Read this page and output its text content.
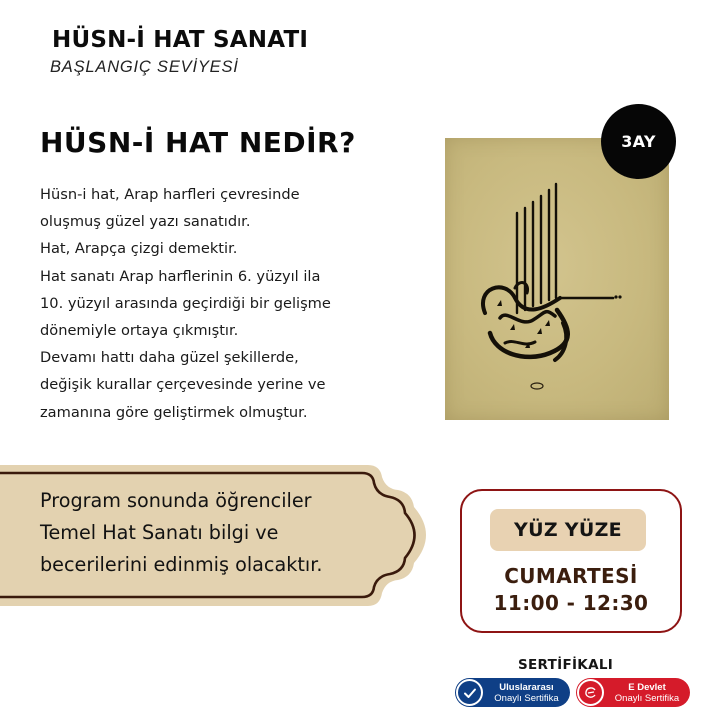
HÜSN-İ HAT SANATI
BAŞLANGIÇ SEVİYESİ
HÜSN-İ HAT NEDİR?
Hüsn-i hat, Arap harfleri çevresinde
oluşmuş güzel yazı sanatıdır.
Hat, Arapça çizgi demektir.
Hat sanatı Arap harflerinin 6. yüzyıl ila
10. yüzyıl arasında geçirdiği bir gelişme
dönemiyle ortaya çıkmıştır.
Devamı hattı daha güzel şekillerde,
değişik kurallar çerçevesinde yerine ve
zamanına göre geliştirmek olmuştur.
3AY
Program sonunda öğrenciler
Temel Hat Sanatı bilgi ve
becerilerini edinmiş olacaktır.
YÜZ YÜZE
CUMARTESİ
11:00 - 12:30
SERTİFİKALI
Uluslararası
Onaylı Sertifika
E Devlet
Onaylı Sertifika
